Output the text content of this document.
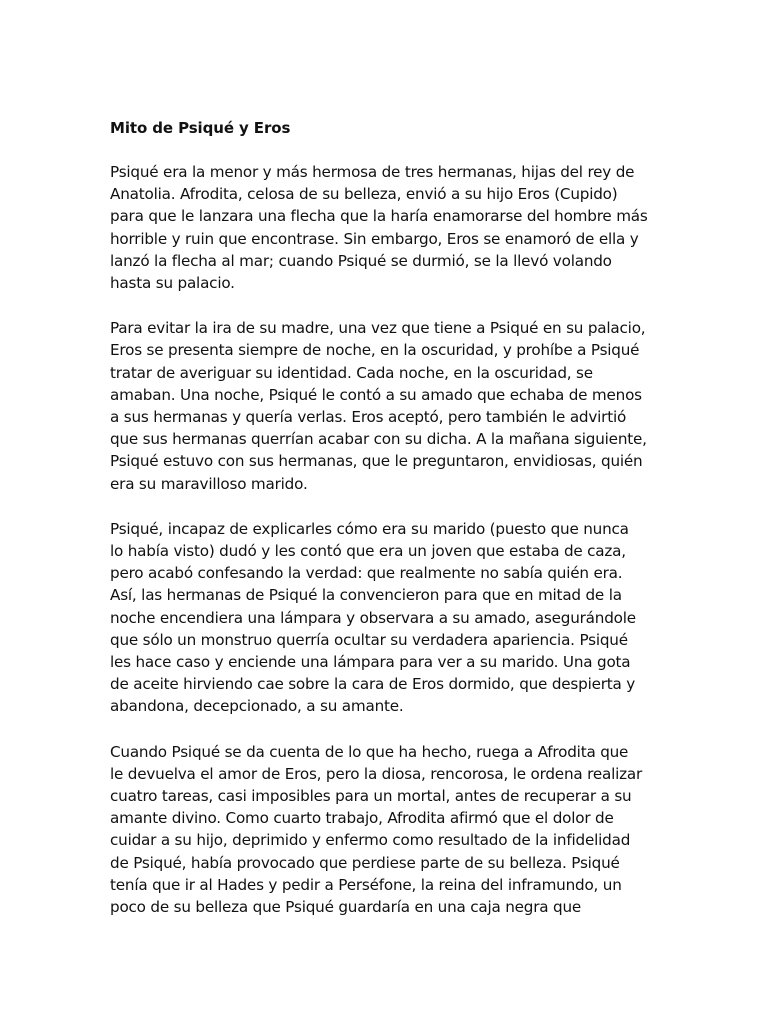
Mito de Psiqué y Eros
Psiqué era la menor y más hermosa de tres hermanas, hijas del rey de
Anatolia. Afrodita, celosa de su belleza, envió a su hijo Eros (Cupido)
para que le lanzara una flecha que la haría enamorarse del hombre más
horrible y ruin que encontrase. Sin embargo, Eros se enamoró de ella y
lanzó la flecha al mar; cuando Psiqué se durmió, se la llevó volando
hasta su palacio.
Para evitar la ira de su madre, una vez que tiene a Psiqué en su palacio,
Eros se presenta siempre de noche, en la oscuridad, y prohíbe a Psiqué
tratar de averiguar su identidad. Cada noche, en la oscuridad, se
amaban. Una noche, Psiqué le contó a su amado que echaba de menos
a sus hermanas y quería verlas. Eros aceptó, pero también le advirtió
que sus hermanas querrían acabar con su dicha. A la mañana siguiente,
Psiqué estuvo con sus hermanas, que le preguntaron, envidiosas, quién
era su maravilloso marido.
Psiqué, incapaz de explicarles cómo era su marido (puesto que nunca
lo había visto) dudó y les contó que era un joven que estaba de caza,
pero acabó confesando la verdad: que realmente no sabía quién era.
Así, las hermanas de Psiqué la convencieron para que en mitad de la
noche encendiera una lámpara y observara a su amado, asegurándole
que sólo un monstruo querría ocultar su verdadera apariencia. Psiqué
les hace caso y enciende una lámpara para ver a su marido. Una gota
de aceite hirviendo cae sobre la cara de Eros dormido, que despierta y
abandona, decepcionado, a su amante.
Cuando Psiqué se da cuenta de lo que ha hecho, ruega a Afrodita que
le devuelva el amor de Eros, pero la diosa, rencorosa, le ordena realizar
cuatro tareas, casi imposibles para un mortal, antes de recuperar a su
amante divino. Como cuarto trabajo, Afrodita afirmó que el dolor de
cuidar a su hijo, deprimido y enfermo como resultado de la infidelidad
de Psiqué, había provocado que perdiese parte de su belleza. Psiqué
tenía que ir al Hades y pedir a Perséfone, la reina del inframundo, un
poco de su belleza que Psiqué guardaría en una caja negra que
